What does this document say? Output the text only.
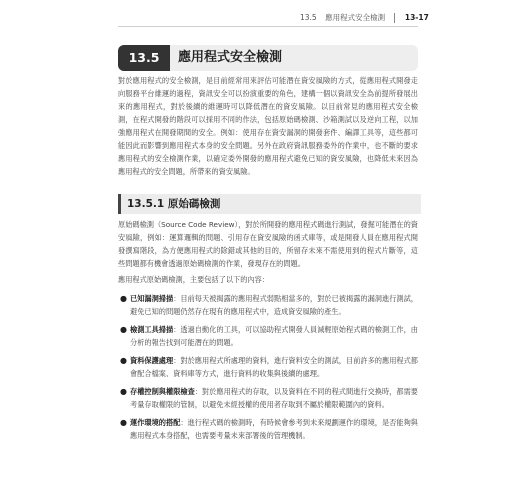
13.5 應用程式安全檢測	13-17
13.5	應用程式安全檢測

對於應用程式的安全檢測，是目前經常用來評估可能潛在資安風險的方式，從應用程式開發走向服務平台維運的過程，資訊安全可以扮演重要的角色，建構一個以資訊安全為前提所發展出來的應用程式，對於後續的維運時可以降低潛在的資安風險。以目前常見的應用程式安全檢測，在程式開發的階段可以採用不同的作法，包括原始碼檢測、沙箱測試以及逆向工程，以加強應用程式在開發期間的安全。例如：使用存在資安漏洞的開發套件、編譯工具等，這些都可能因此而影響到應用程式本身的安全問題。另外在政府資訊服務委外的作業中，也不斷的要求應用程式的安全檢測作業，以確定委外開發的應用程式避免已知的資安風險，也降低未來因為應用程式的安全問題，所帶來的資安風險。

13.5.1 原始碼檢測

原始碼檢測（Source Code Review），對於所開發的應用程式碼進行測試，發掘可能潛在的資安風險，例如：運算邏輯的問題、引用存在資安風險的函式庫等，或是開發人員在應用程式開發撰寫階段，為方便應用程式的除錯或其他的目的，所留存未來不需使用到的程式片斷等，這些問題都有機會透過原始碼檢測的作業，發現存在的問題。

應用程式原始碼檢測，主要包括了以下的內容：

● 已知漏洞掃描：目前每天被揭露的應用程式弱點相當多的，對於已被揭露的漏洞進行測試，避免已知的問題仍然存在現有的應用程式中，造成資安風險的產生。
● 檢測工具掃描：透過自動化的工具，可以協助程式開發人員減輕原始程式碼的檢測工作，由分析的報告找到可能潛在的問題。
● 資料保護處理：對於應用程式所處理的資料，進行資料安全的測試，目前許多的應用程式都會配合檔案、資料庫等方式，進行資料的收集與後續的處理。
● 存權控制與權限檢查：對於應用程式的存取，以及資料在不同的程式間進行交換時，都需要考量存取權限的管制，以避免未經授權的使用者存取到不屬於權限範圍內的資料。
● 運作環境的搭配：進行程式碼的檢測時，有時候會參考到未來規劃運作的環境，是否能夠與應用程式本身搭配，也需要考量未來部署後的管理機制。
